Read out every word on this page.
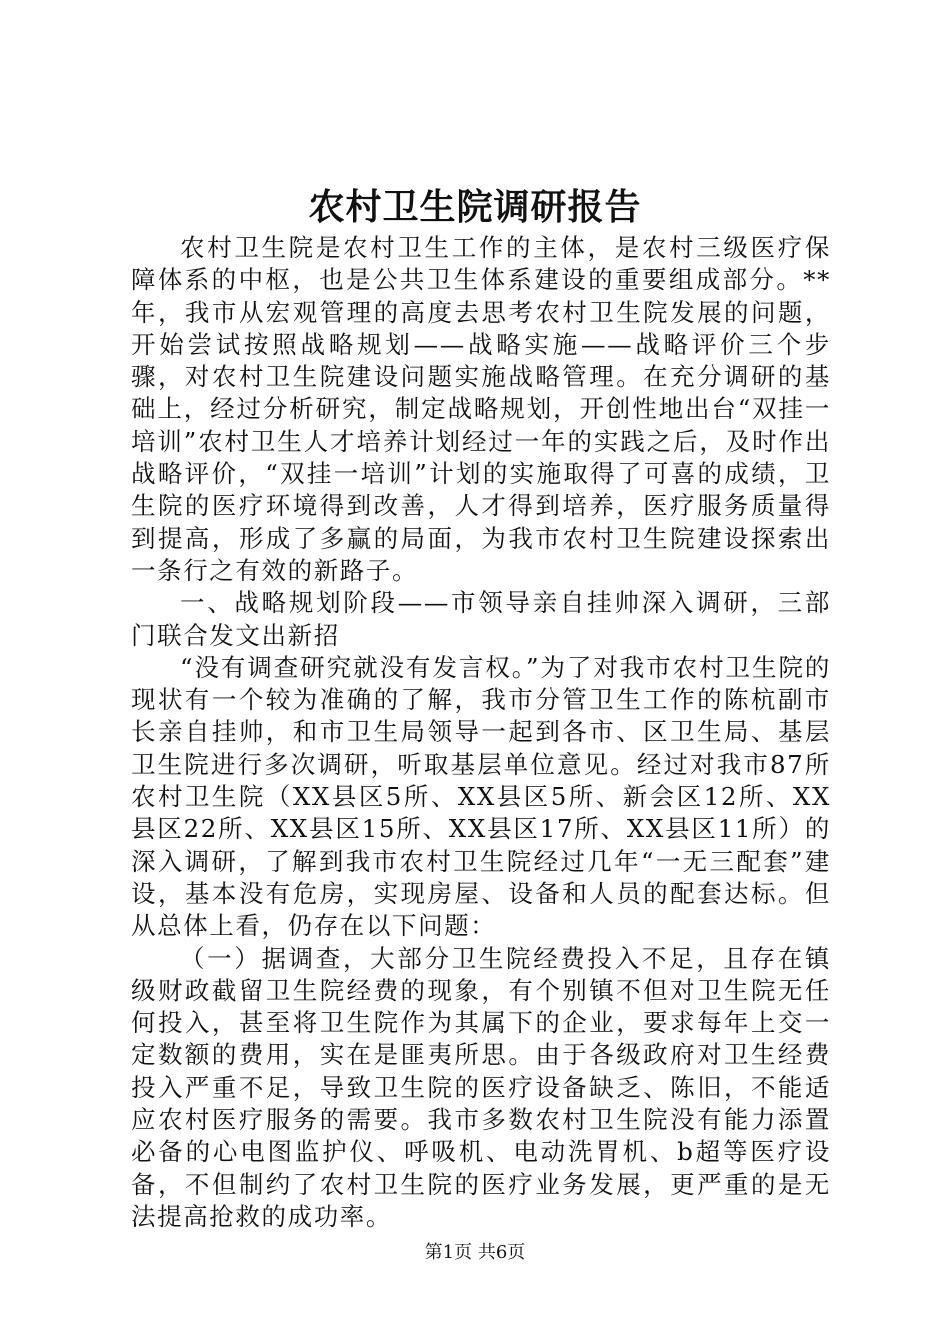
农村卫生院调研报告

农村卫生院是农村卫生工作的主体，是农村三级医疗保障体系的中枢，也是公共卫生体系建设的重要组成部分。**年，我市从宏观管理的高度去思考农村卫生院发展的问题，开始尝试按照战略规划——战略实施——战略评价三个步骤，对农村卫生院建设问题实施战略管理。在充分调研的基础上，经过分析研究，制定战略规划，开创性地出台“双挂一培训”农村卫生人才培养计划经过一年的实践之后，及时作出战略评价，“双挂一培训”计划的实施取得了可喜的成绩，卫生院的医疗环境得到改善，人才得到培养，医疗服务质量得到提高，形成了多赢的局面，为我市农村卫生院建设探索出一条行之有效的新路子。

一、战略规划阶段——市领导亲自挂帅深入调研，三部门联合发文出新招

“没有调查研究就没有发言权。”为了对我市农村卫生院的现状有一个较为准确的了解，我市分管卫生工作的陈杭副市长亲自挂帅，和市卫生局领导一起到各市、区卫生局、基层卫生院进行多次调研，听取基层单位意见。经过对我市87所农村卫生院（XX县区5所、XX县区5所、新会区12所、XX县区22所、XX县区15所、XX县区17所、XX县区11所）的深入调研，了解到我市农村卫生院经过几年“一无三配套”建设，基本没有危房，实现房屋、设备和人员的配套达标。但从总体上看，仍存在以下问题：

（一）据调查，大部分卫生院经费投入不足，且存在镇级财政截留卫生院经费的现象，有个别镇不但对卫生院无任何投入，甚至将卫生院作为其属下的企业，要求每年上交一定数额的费用，实在是匪夷所思。由于各级政府对卫生经费投入严重不足，导致卫生院的医疗设备缺乏、陈旧，不能适应农村医疗服务的需要。我市多数农村卫生院没有能力添置必备的心电图监护仪、呼吸机、电动洗胃机、b超等医疗设备，不但制约了农村卫生院的医疗业务发展，更严重的是无法提高抢救的成功率。

第1页 共6页
